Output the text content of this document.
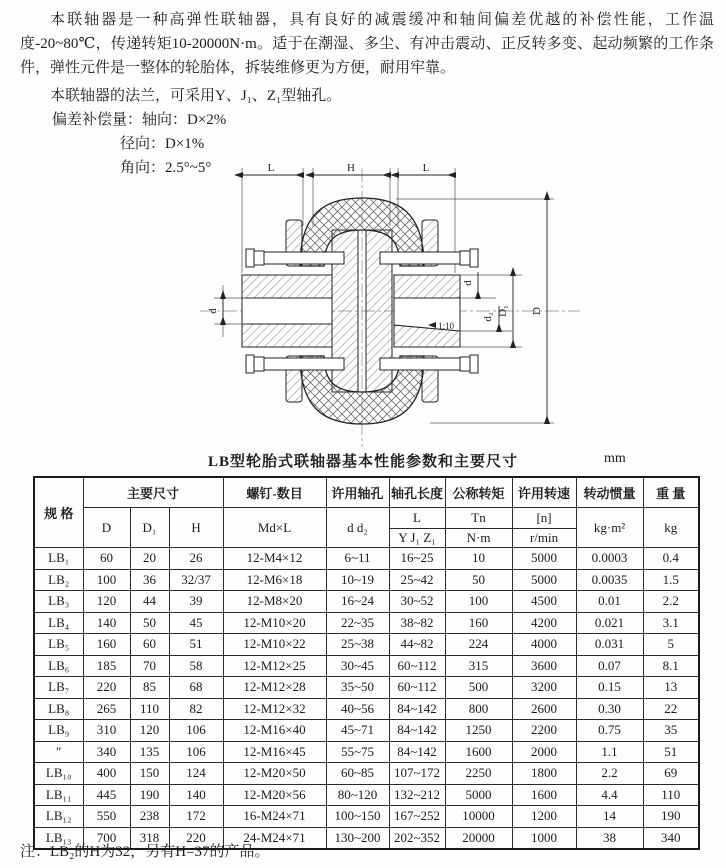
本联轴器是一种高弹性联轴器，具有良好的减震缓冲和轴间偏差优越的补偿性能，工作温度-20~80℃，传递转矩10-20000N·m。适于在潮湿、多尘、有冲击震动、正反转多变、起动频繁的工作条件，弹性元件是一整体的轮胎体，拆装维修更为方便，耐用牢靠。

本联轴器的法兰，可采用Y、J₁、Z₁型轴孔。
偏差补偿量：轴向：D×2%
径向：D×1%
角向：2.5°~5°	L	H	L
d
d
d₂
D₁ D
1:10
LB型轮胎式联轴器基本性能参数和主要尺寸	mm
规 格	主要尺寸			螺钉-数目	许用轴孔	轴孔长度	公称转矩	许用转速	转动惯量	重 量
	D	D₁	H	Md×L	d d₂	L	Tn	[n]	kg·m²	kg
						Y J₁ Z₁	N·m	r/min		
LB₁	60	20	26	12-M4×12	6~11	16~25	10	5000	0.0003	0.4
LB₂	100	36	32/37	12-M6×18	10~19	25~42	50	5000	0.0035	1.5
LB₃	120	44	39	12-M8×20	16~24	30~52	100	4500	0.01	2.2
LB₄	140	50	45	12-M10×20	22~35	38~82	160	4200	0.021	3.1
LB₅	160	60	51	12-M10×22	25~38	44~82	224	4000	0.031	5
LB₆	185	70	58	12-M12×25	30~45	60~112	315	3600	0.07	8.1
LB₇	220	85	68	12-M12×28	35~50	60~112	500	3200	0.15	13
LB₈	265	110	82	12-M12×32	40~56	84~142	800	2600	0.30	22
LB₉	310	120	106	12-M16×40	45~71	84~142	1250	2200	0.75	35
″	340	135	106	12-M16×45	55~75	84~142	1600	2000	1.1	51
LB₁₀	400	150	124	12-M20×50	60~85	107~172	2250	1800	2.2	69
LB₁₁	445	190	140	12-M20×56	80~120	132~212	5000	1600	4.4	110
LB₁₂	550	238	172	16-M24×71	100~150	167~252	10000	1200	14	190
LB₁₃	700	318	220	24-M24×71	130~200	202~352	20000	1000	38	340
注：LB₂的H为32，另有H=37的产品。
